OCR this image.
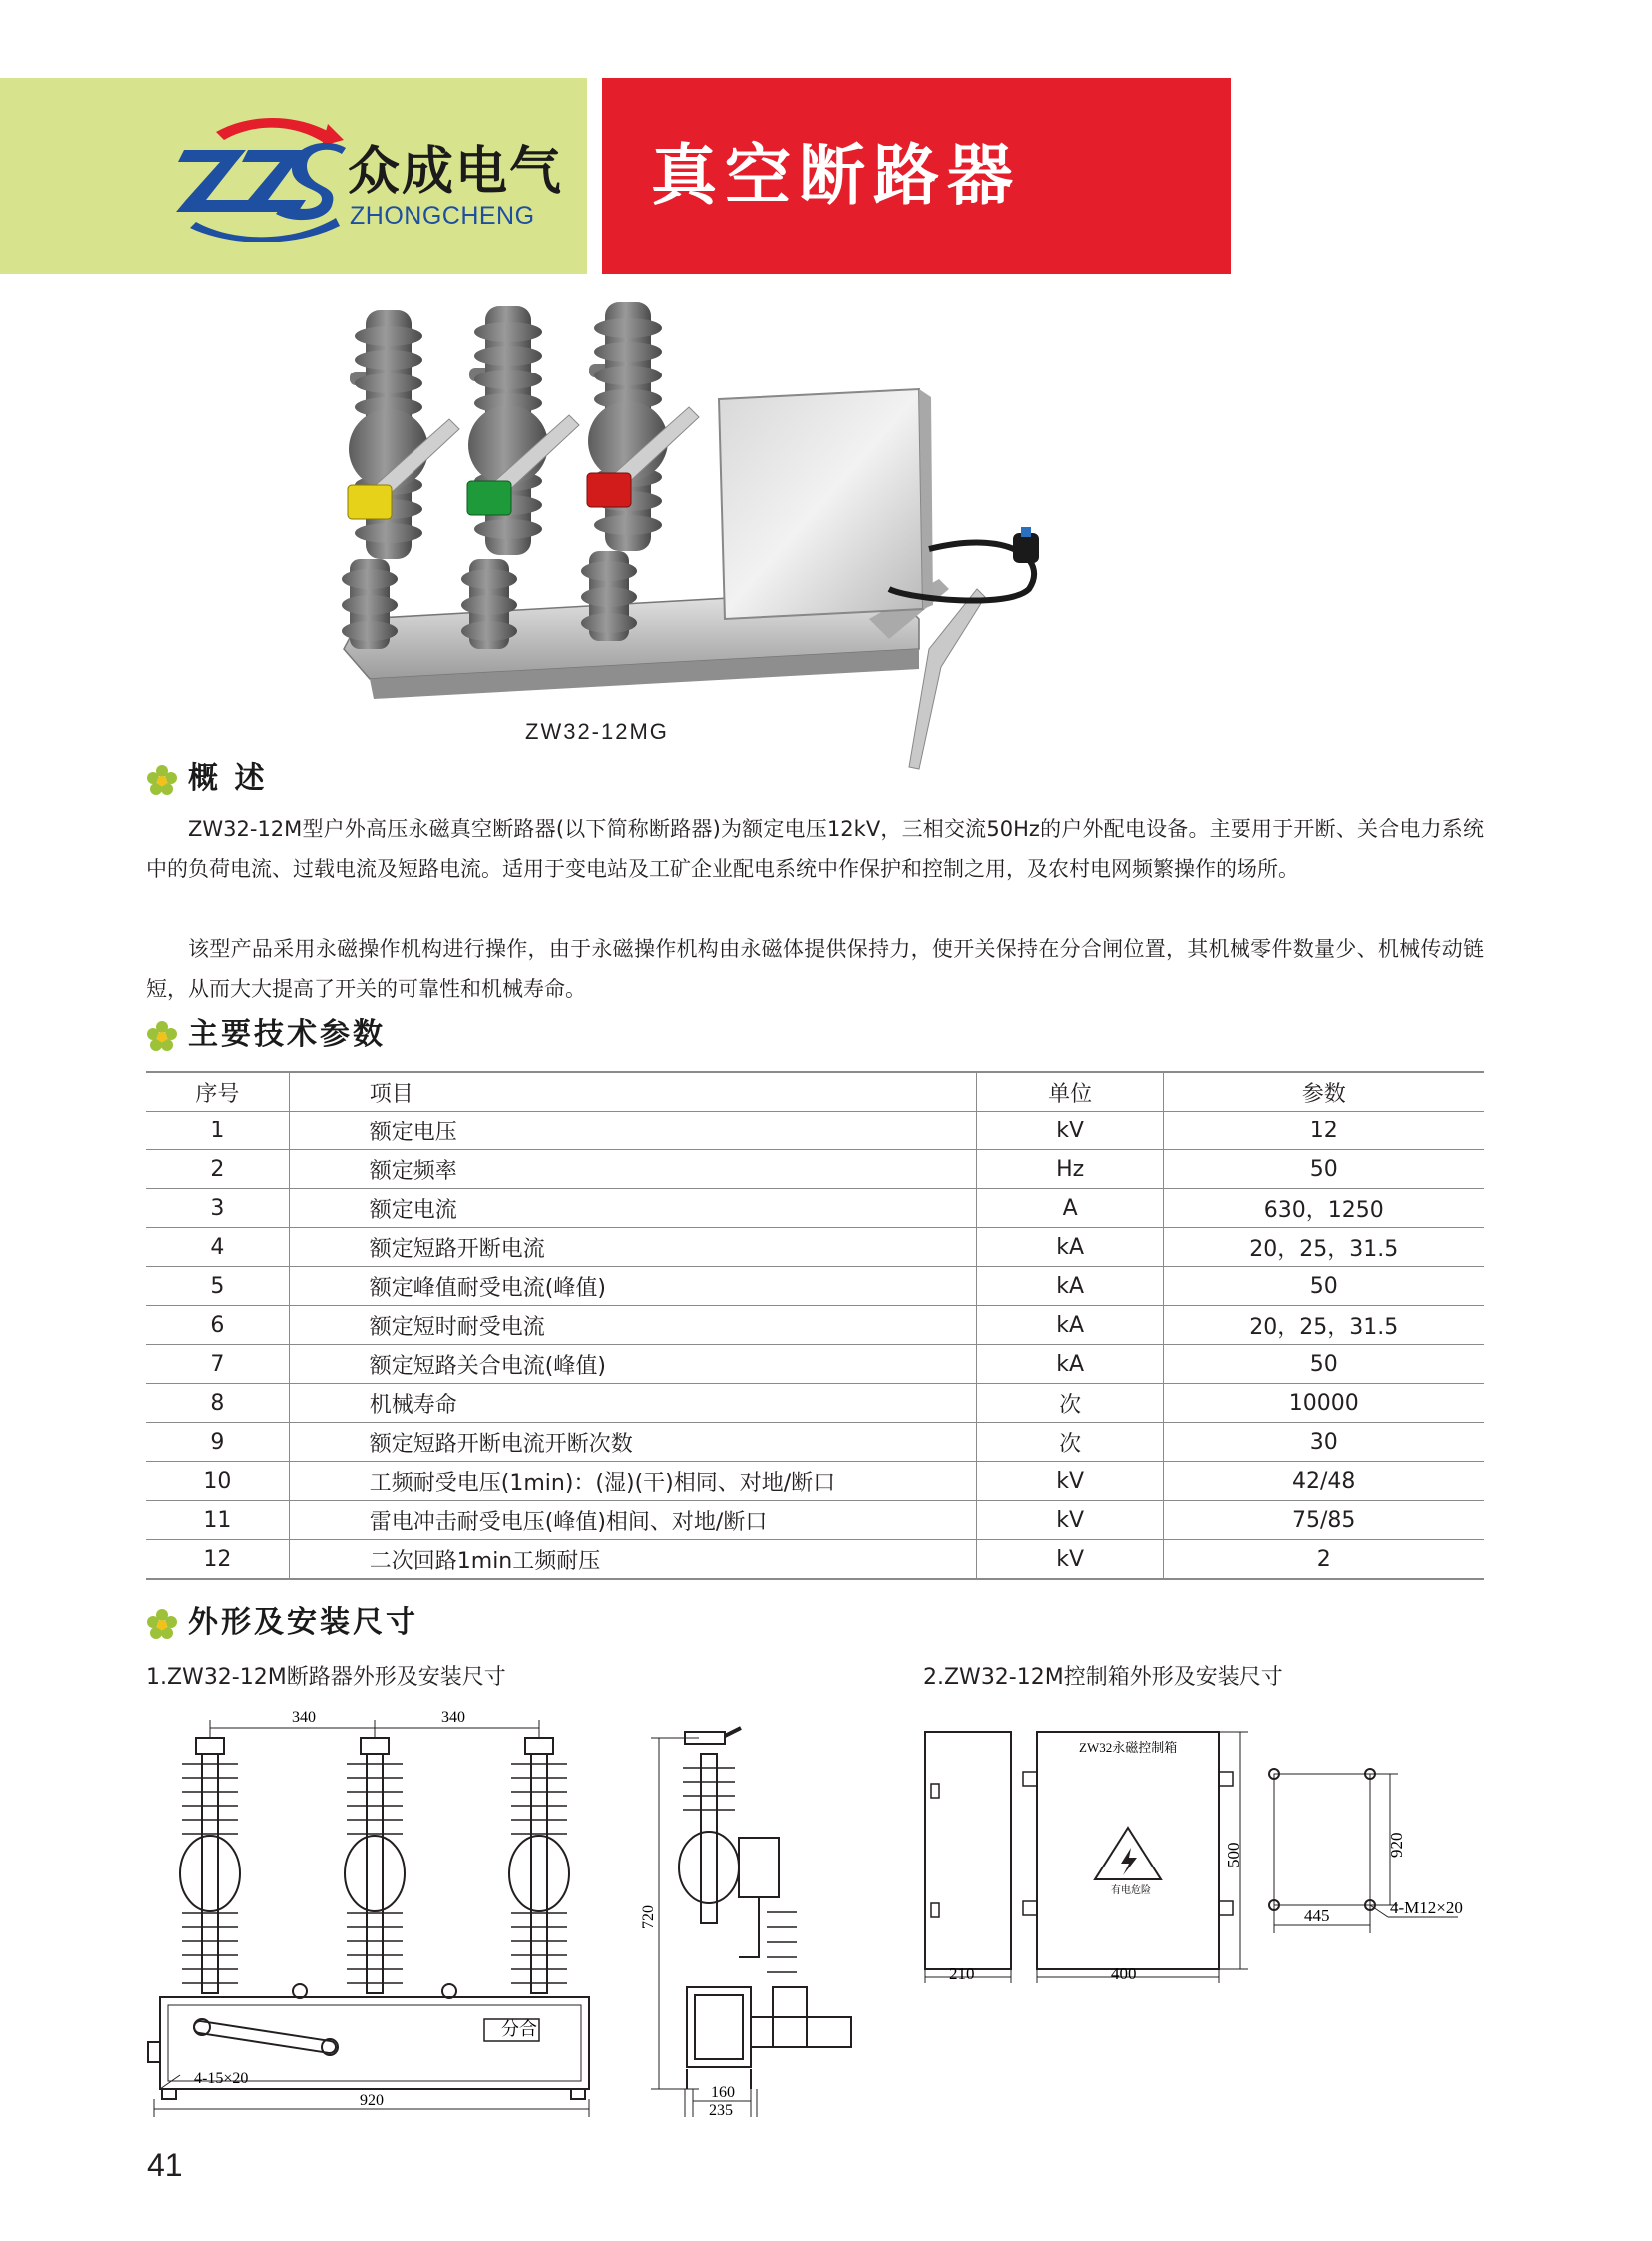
众成电气
ZHONGCHENG
真空断路器
ZW32-12MG
概 述
ZW32-12M型户外高压永磁真空断路器(以下简称断路器)为额定电压12kV，三相交流50Hz的户外配电设备。主要用于开断、关合电力系统中的负荷电流、过载电流及短路电流。适用于变电站及工矿企业配电系统中作保护和控制之用，及农村电网频繁操作的场所。
该型产品采用永磁操作机构进行操作，由于永磁操作机构由永磁体提供保持力，使开关保持在分合闸位置，其机械零件数量少、机械传动链短，从而大大提高了开关的可靠性和机械寿命。
主要技术参数
序号	项目	单位	参数
1	额定电压	kV	12
2	额定频率	Hz	50
3	额定电流	A	630，1250
4	额定短路开断电流	kA	20，25，31.5
5	额定峰值耐受电流(峰值)	kA	50
6	额定短时耐受电流	kA	20，25，31.5
7	额定短路关合电流(峰值)	kA	50
8	机械寿命	次	10000
9	额定短路开断电流开断次数	次	30
10	工频耐受电压(1min)：(湿)(干)相同、对地/断口	kV	42/48
11	雷电冲击耐受电压(峰值)相间、对地/断口	kV	75/85
12	二次回路1min工频耐压	kV	2
外形及安装尺寸
1.ZW32-12M断路器外形及安装尺寸	2.ZW32-12M控制箱外形及安装尺寸
340	340
分合
4-15×20
920
720
160
235
ZW32永磁控制箱
有电危险
210	400
500	920
445	4-M12×20
41
